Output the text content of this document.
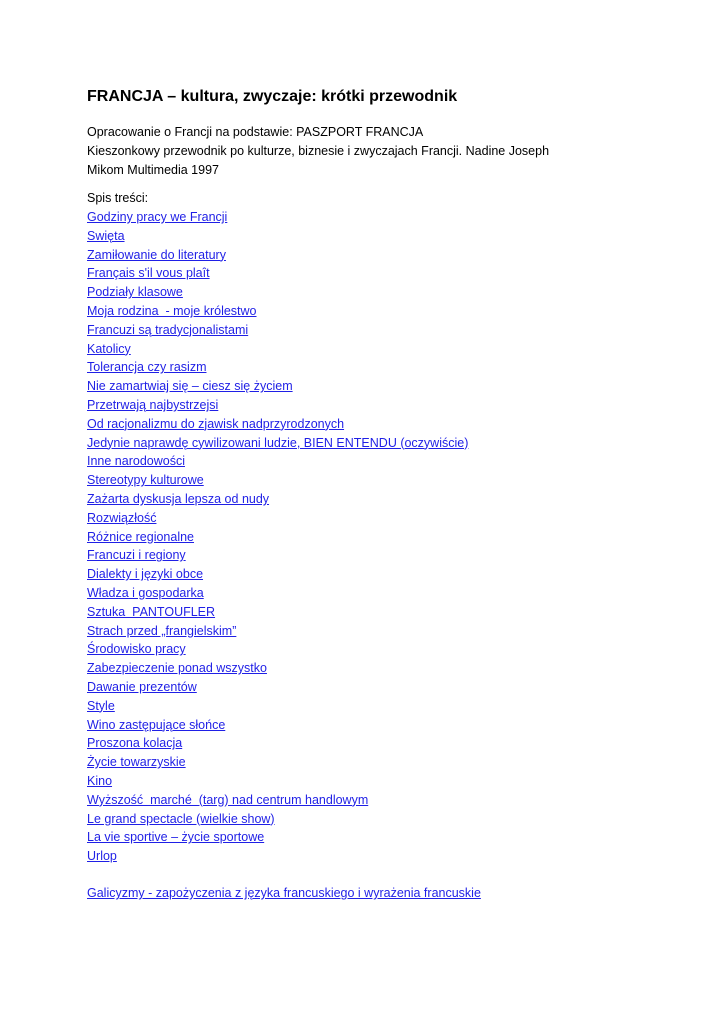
FRANCJA – kultura, zwyczaje: krótki przewodnik
Opracowanie o Francji na podstawie: PASZPORT FRANCJA
Kieszonkowy przewodnik po kulturze, biznesie i zwyczajach Francji. Nadine Joseph
Mikom Multimedia 1997
Spis treści:
Godziny pracy we Francji
Swięta
Zamiłowanie do literatury
Français s'il vous plaît
Podziały klasowe
Moja rodzina  - moje królestwo
Francuzi są tradycjonalistami
Katolicy
Tolerancja czy rasizm
Nie zamartwiaj się – ciesz się życiem
Przetrwają najbystrzejsi
Od racjonalizmu do zjawisk nadprzyrodzonych
Jedynie naprawdę cywilizowani ludzie, BIEN ENTENDU (oczywiście)
Inne narodowości
Stereotypy kulturowe
Zażarta dyskusja lepsza od nudy
Rozwiązłość
Różnice regionalne
Francuzi i regiony
Dialekty i języki obce
Władza i gospodarka
Sztuka  PANTOUFLER
Strach przed „frangielskim”
Środowisko pracy
Zabezpieczenie ponad wszystko
Dawanie prezentów
Style
Wino zastępujące słońce
Proszona kolacja
Życie towarzyskie
Kino
Wyższość  marché  (targ) nad centrum handlowym
Le grand spectacle (wielkie show)
La vie sportive – życie sportowe
Urlop
Galicyzmy - zapożyczenia z języka francuskiego i wyrażenia francuskie
